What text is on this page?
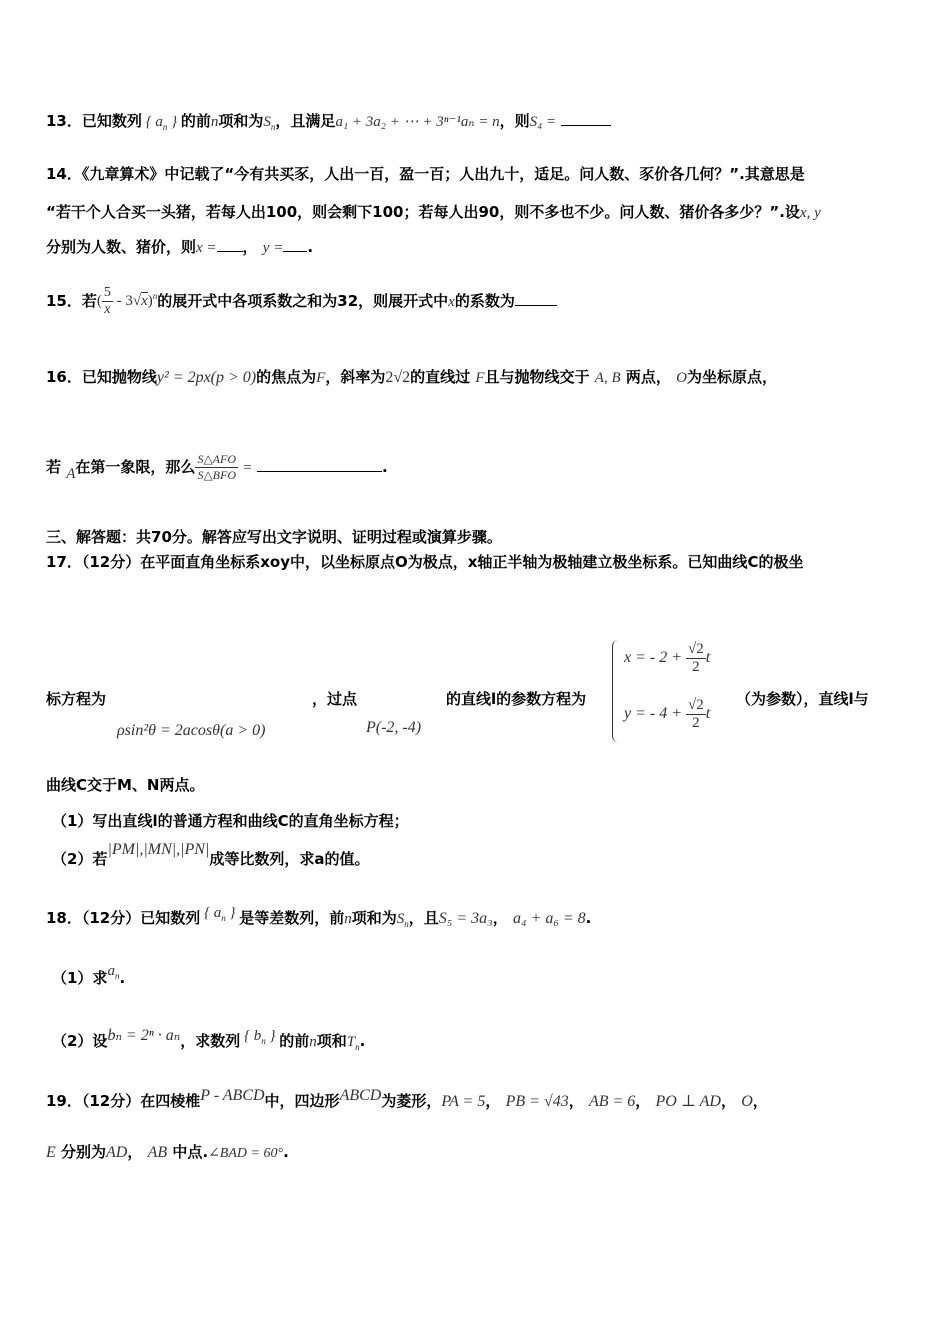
13．已知数列 { $a_n$ } 的前n项和为$S_n$，且满足a₁ + 3a₂ + ⋯ + 3ⁿ⁻¹aₙ = n，则S₄ =
14．《九章算术》中记载了“今有共买豕，人出一百，盈一百；人出九十，适足。问人数、豕价各几何？”.其意思是
“若干个人合买一头猪，若每人出100，则会剩下100；若每人出90，则不多也不少。问人数、猪价各多少？”.设x, y
分别为人数、猪价，则x = ， y = .
15．若( $\frac{5}{x} - 3√x)^n$的展开式中各项系数之和为32，则展开式中x的系数为
16．已知抛物线y² = 2px(p > 0)的焦点为F，斜率为2√2的直线过 F且与抛物线交于 A, B 两点， O为坐标原点，
若 A在第一象限，那么 $\frac{\text{S△AFO}}{\text{S△BFO}}$ =	.
三、解答题：共70分。解答应写出文字说明、证明过程或演算步骤。
17．（12分）在平面直角坐标系xoy中，以坐标原点O为极点，x轴正半轴为极轴建立极坐标系。已知曲线C的极坐
标方程为
ρsin²θ = 2acosθ(a > 0)
，过点
P(-2, -4)
的直线l的参数方程为
x = - $2 + \frac{√2}{2}$ t
y = - $4 + \frac{√2}{2}$ t
（为参数），直线l与
曲线C交于M、N两点。
（1）写出直线l的普通方程和曲线C的直角坐标方程；
（2）若|PM|,|MN|,|PN|成等比数列，求a的值。
18．（12分）已知数列 { $a_n$ } 是等差数列，前n项和为$S_n$，且S₅ = 3a₃， a₄ + a₆ = 8.
（1）求$a_n$.
（2）设bₙ = 2ⁿ · aₙ，求数列 { $b_n$ } 的前n项和$T_n$.
19．（12分）在四棱椎P - ABCD中，四边形ABCD为菱形，PA = 5， PB = √43， AB = 6， PO ⊥ AD， O，
E 分别为AD， AB 中点.∠BAD = 60°.
